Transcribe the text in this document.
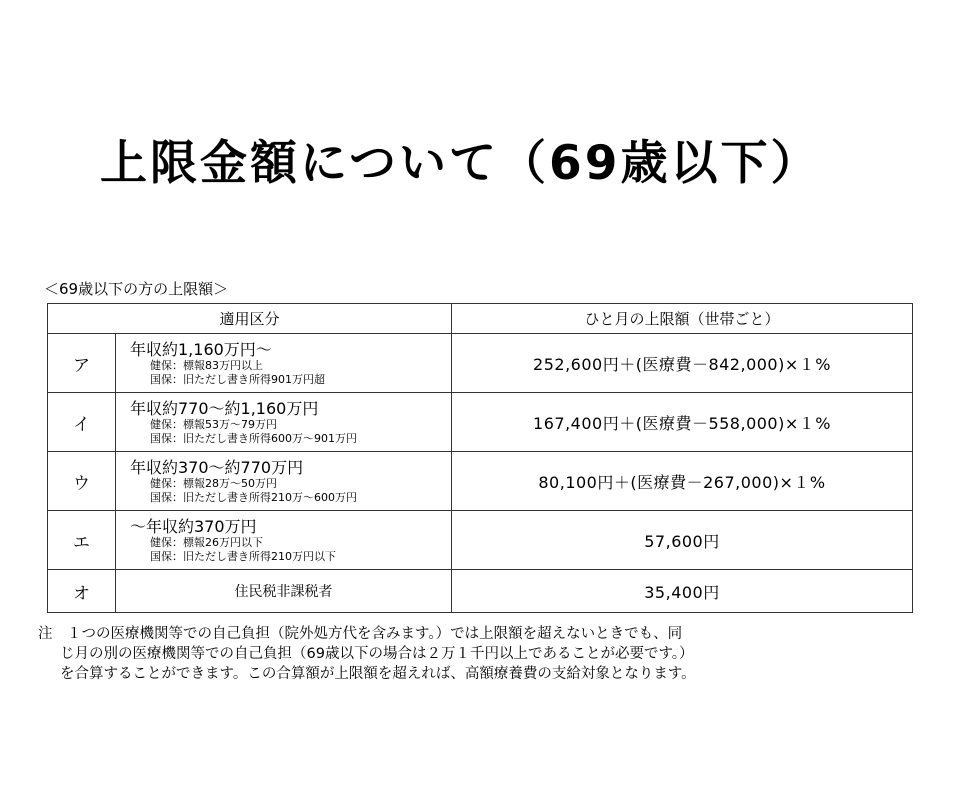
上限金額について（69歳以下）
＜69歳以下の方の上限額＞
適用区分		ひと月の上限額（世帯ごと）
ア	年収約1,160万円～
健保：標報83万円以上
国保：旧ただし書き所得901万円超	252,600円＋(医療費－842,000)×１%
イ	年収約770～約1,160万円
健保：標報53万～79万円
国保：旧ただし書き所得600万～901万円	167,400円＋(医療費－558,000)×１%
ウ	年収約370～約770万円
健保：標報28万～50万円
国保：旧ただし書き所得210万～600万円	80,100円＋(医療費－267,000)×１%
エ	～年収約370万円
健保：標報26万円以下
国保：旧ただし書き所得210万円以下	57,600円
オ	住民税非課税者	35,400円
注　１つの医療機関等での自己負担（院外処方代を含みます。）では上限額を超えないときでも、同
じ月の別の医療機関等での自己負担（69歳以下の場合は２万１千円以上であることが必要です。）
を合算することができます。この合算額が上限額を超えれば、高額療養費の支給対象となります。
